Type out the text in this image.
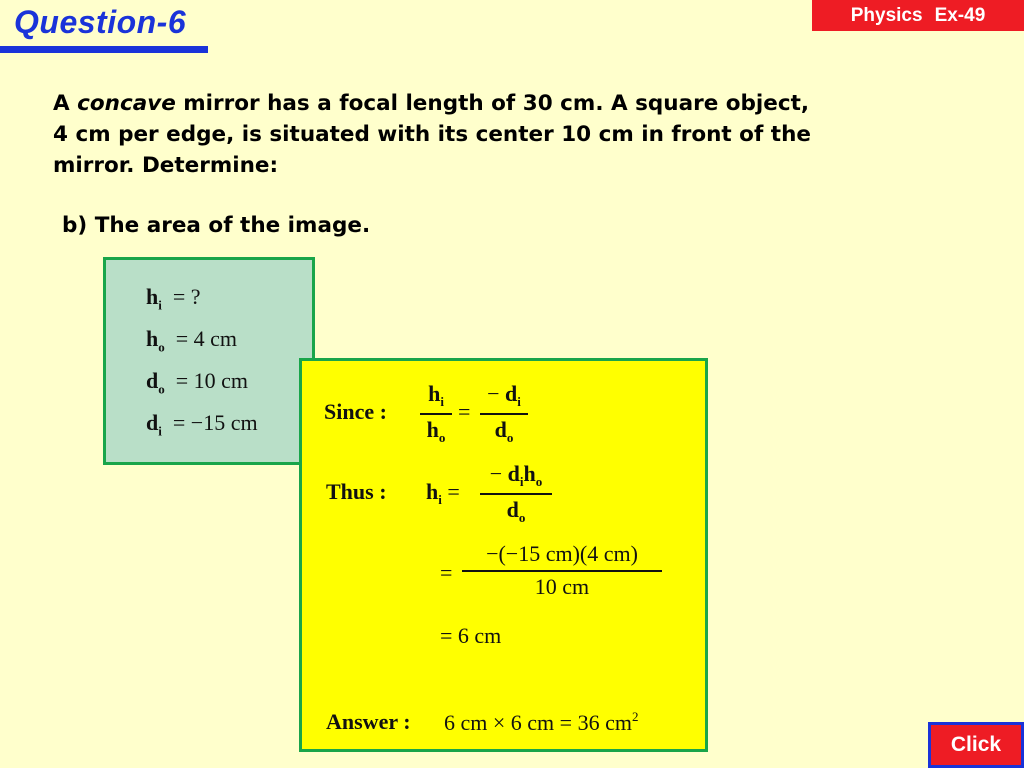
Question-6	Physics Ex-49
A concave mirror has a focal length of 30 cm. A square object,
4 cm per edge, is situated with its center 10 cm in front of the
mirror. Determine:
b) The area of the image.
$h_i$ = ?
$h_o = 4$ cm
$d_o = 10$ cm
$d_i = -15$ cm	Since :
$h_i$
$h_o$
=
− $d_i$
$d_o$
Thus : $h_i$ =
− $d_ih_o$
$d_o$
=
−(−15 cm)(4 cm)
10 cm
= 6 cm
Answer : 6 cm × 6 cm = 36 $cm^2$
Click
